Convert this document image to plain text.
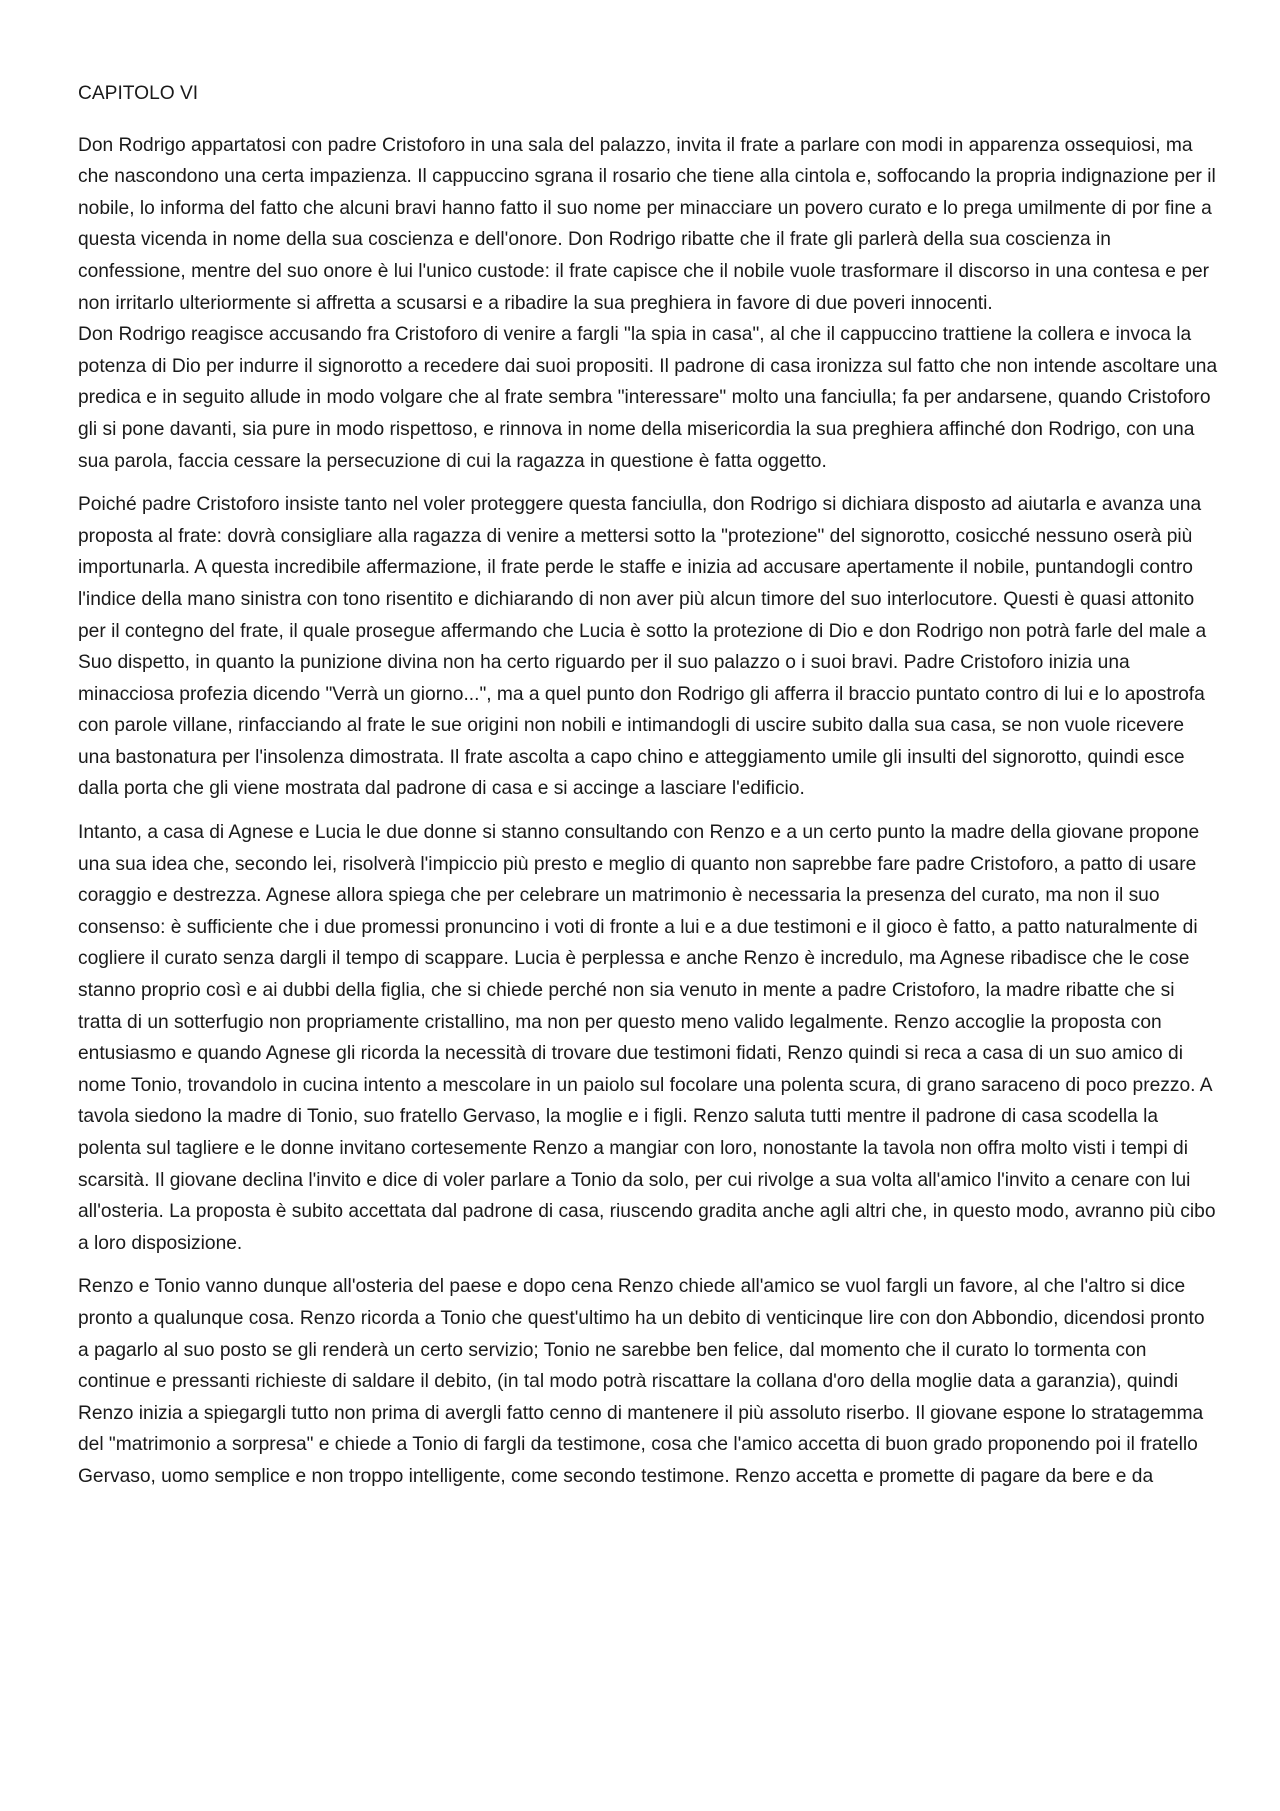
CAPITOLO VI

Don Rodrigo appartatosi con padre Cristoforo in una sala del palazzo, invita il frate a parlare con modi in apparenza ossequiosi, ma che nascondono una certa impazienza. Il cappuccino sgrana il rosario che tiene alla cintola e, soffocando la propria indignazione per il nobile, lo informa del fatto che alcuni bravi hanno fatto il suo nome per minacciare un povero curato e lo prega umilmente di por fine a questa vicenda in nome della sua coscienza e dell'onore. Don Rodrigo ribatte che il frate gli parlerà della sua coscienza in confessione, mentre del suo onore è lui l'unico custode: il frate capisce che il nobile vuole trasformare il discorso in una contesa e per non irritarlo ulteriormente si affretta a scusarsi e a ribadire la sua preghiera in favore di due poveri innocenti.

Don Rodrigo reagisce accusando fra Cristoforo di venire a fargli "la spia in casa", al che il cappuccino trattiene la collera e invoca la potenza di Dio per indurre il signorotto a recedere dai suoi propositi. Il padrone di casa ironizza sul fatto che non intende ascoltare una predica e in seguito allude in modo volgare che al frate sembra "interessare" molto una fanciulla; fa per andarsene, quando Cristoforo gli si pone davanti, sia pure in modo rispettoso, e rinnova in nome della misericordia la sua preghiera affinché don Rodrigo, con una sua parola, faccia cessare la persecuzione di cui la ragazza in questione è fatta oggetto.

Poiché padre Cristoforo insiste tanto nel voler proteggere questa fanciulla, don Rodrigo si dichiara disposto ad aiutarla e avanza una proposta al frate: dovrà consigliare alla ragazza di venire a mettersi sotto la "protezione" del signorotto, cosicché nessuno oserà più importunarla. A questa incredibile affermazione, il frate perde le staffe e inizia ad accusare apertamente il nobile, puntandogli contro l'indice della mano sinistra con tono risentito e dichiarando di non aver più alcun timore del suo interlocutore. Questi è quasi attonito per il contegno del frate, il quale prosegue affermando che Lucia è sotto la protezione di Dio e don Rodrigo non potrà farle del male a Suo dispetto, in quanto la punizione divina non ha certo riguardo per il suo palazzo o i suoi bravi. Padre Cristoforo inizia una minacciosa profezia dicendo "Verrà un giorno...", ma a quel punto don Rodrigo gli afferra il braccio puntato contro di lui e lo apostrofa con parole villane, rinfacciando al frate le sue origini non nobili e intimandogli di uscire subito dalla sua casa, se non vuole ricevere una bastonatura per l'insolenza dimostrata. Il frate ascolta a capo chino e atteggiamento umile gli insulti del signorotto, quindi esce dalla porta che gli viene mostrata dal padrone di casa e si accinge a lasciare l'edificio.

Intanto, a casa di Agnese e Lucia le due donne si stanno consultando con Renzo e a un certo punto la madre della giovane propone una sua idea che, secondo lei, risolverà l'impiccio più presto e meglio di quanto non saprebbe fare padre Cristoforo, a patto di usare coraggio e destrezza. Agnese allora spiega che per celebrare un matrimonio è necessaria la presenza del curato, ma non il suo consenso: è sufficiente che i due promessi pronuncino i voti di fronte a lui e a due testimoni e il gioco è fatto, a patto naturalmente di cogliere il curato senza dargli il tempo di scappare. Lucia è perplessa e anche Renzo è incredulo, ma Agnese ribadisce che le cose stanno proprio così e ai dubbi della figlia, che si chiede perché non sia venuto in mente a padre Cristoforo, la madre ribatte che si tratta di un sotterfugio non propriamente cristallino, ma non per questo meno valido legalmente. Renzo accoglie la proposta con entusiasmo e quando Agnese gli ricorda la necessità di trovare due testimoni fidati, Renzo quindi si reca a casa di un suo amico di nome Tonio, trovandolo in cucina intento a mescolare in un paiolo sul focolare una polenta scura, di grano saraceno di poco prezzo. A tavola siedono la madre di Tonio, suo fratello Gervaso, la moglie e i figli. Renzo saluta tutti mentre il padrone di casa scodella la polenta sul tagliere e le donne invitano cortesemente Renzo a mangiar con loro, nonostante la tavola non offra molto visti i tempi di scarsità. Il giovane declina l'invito e dice di voler parlare a Tonio da solo, per cui rivolge a sua volta all'amico l'invito a cenare con lui all'osteria. La proposta è subito accettata dal padrone di casa, riuscendo gradita anche agli altri che, in questo modo, avranno più cibo a loro disposizione.

Renzo e Tonio vanno dunque all'osteria del paese e dopo cena Renzo chiede all'amico se vuol fargli un favore, al che l'altro si dice pronto a qualunque cosa. Renzo ricorda a Tonio che quest'ultimo ha un debito di venticinque lire con don Abbondio, dicendosi pronto a pagarlo al suo posto se gli renderà un certo servizio; Tonio ne sarebbe ben felice, dal momento che il curato lo tormenta con continue e pressanti richieste di saldare il debito, (in tal modo potrà riscattare la collana d'oro della moglie data a garanzia), quindi Renzo inizia a spiegargli tutto non prima di avergli fatto cenno di mantenere il più assoluto riserbo. Il giovane espone lo stratagemma del "matrimonio a sorpresa" e chiede a Tonio di fargli da testimone, cosa che l'amico accetta di buon grado proponendo poi il fratello Gervaso, uomo semplice e non troppo intelligente, come secondo testimone. Renzo accetta e promette di pagare da bere e da
